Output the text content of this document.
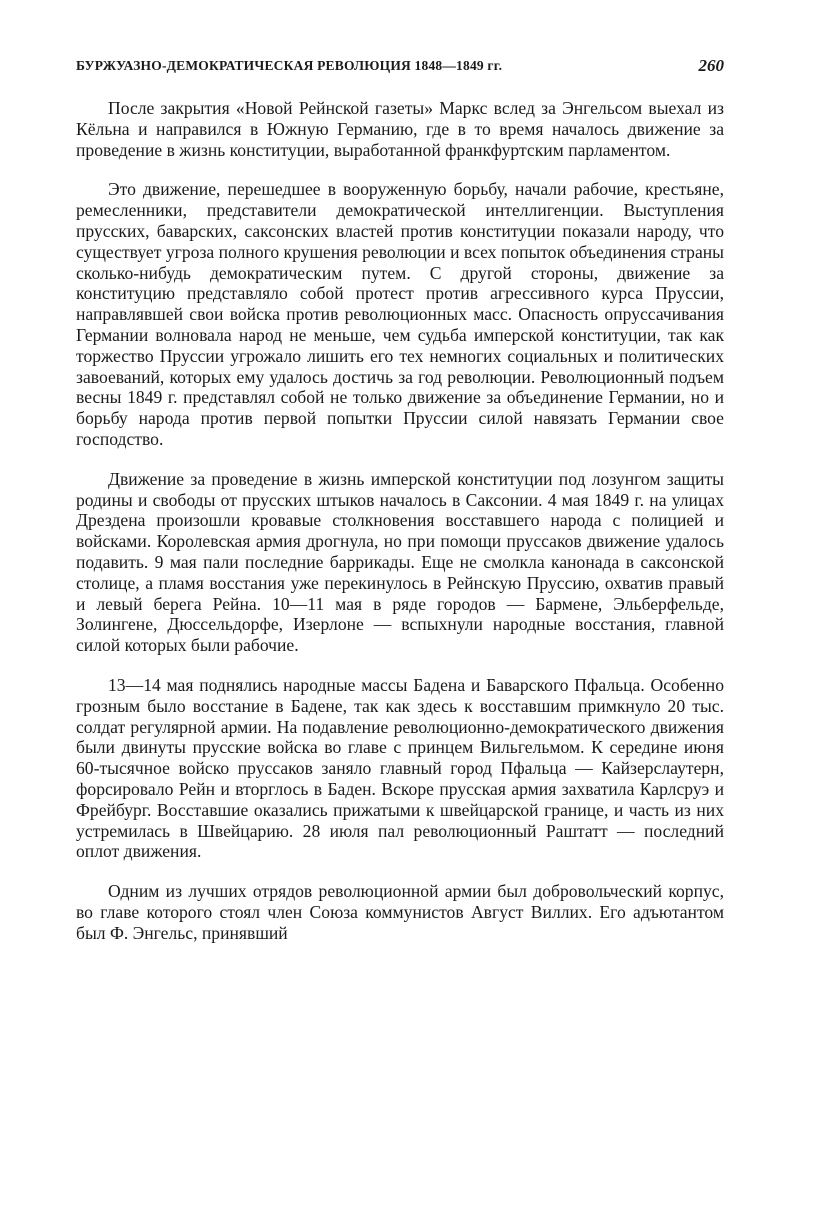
БУРЖУАЗНО-ДЕМОКРАТИЧЕСКАЯ РЕВОЛЮЦИЯ 1848—1849 гг.	260

После закрытия «Новой Рейнской газеты» Маркс вслед за Энгельсом выехал из Кёльна и направился в Южную Германию, где в то время началось движение за проведение в жизнь конституции, выработанной франкфуртским парламентом.

Это движение, перешедшее в вооруженную борьбу, начали рабочие, крестьяне, ремесленники, представители демократической интеллигенции. Выступления прусских, баварских, саксонских властей против конституции показали народу, что существует угроза полного крушения революции и всех попыток объединения страны сколько-нибудь демократическим путем. С другой стороны, движение за конституцию представляло собой протест против агрессивного курса Пруссии, направлявшей свои войска против революционных масс. Опасность опруссачивания Германии волновала народ не меньше, чем судьба имперской конституции, так как торжество Пруссии угрожало лишить его тех немногих социальных и политических завоеваний, которых ему удалось достичь за год революции. Революционный подъем весны 1849 г. представлял собой не только движение за объединение Германии, но и борьбу народа против первой попытки Пруссии силой навязать Германии свое господство.

Движение за проведение в жизнь имперской конституции под лозунгом защиты родины и свободы от прусских штыков началось в Саксонии. 4 мая 1849 г. на улицах Дрездена произошли кровавые столкновения восставшего народа с полицией и войсками. Королевская армия дрогнула, но при помощи пруссаков движение удалось подавить. 9 мая пали последние баррикады. Еще не смолкла канонада в саксонской столице, а пламя восстания уже перекинулось в Рейнскую Пруссию, охватив правый и левый берега Рейна. 10—11 мая в ряде городов — Бармене, Эльберфельде, Золингене, Дюссельдорфе, Изерлоне — вспыхнули народные восстания, главной силой которых были рабочие.

13—14 мая поднялись народные массы Бадена и Баварского Пфальца. Особенно грозным было восстание в Бадене, так как здесь к восставшим примкнуло 20 тыс. солдат регулярной армии. На подавление революционно-демократического движения были двинуты прусские войска во главе с принцем Вильгельмом. К середине июня 60-тысячное войско пруссаков заняло главный город Пфальца — Кайзерслаутерн, форсировало Рейн и вторглось в Баден. Вскоре прусская армия захватила Карлсруэ и Фрейбург. Восставшие оказались прижатыми к швейцарской границе, и часть из них устремилась в Швейцарию. 28 июля пал революционный Раштатт — последний оплот движения.

Одним из лучших отрядов революционной армии был добровольческий корпус, во главе которого стоял член Союза коммунистов Август Виллих. Его адъютантом был Ф. Энгельс, принявший
